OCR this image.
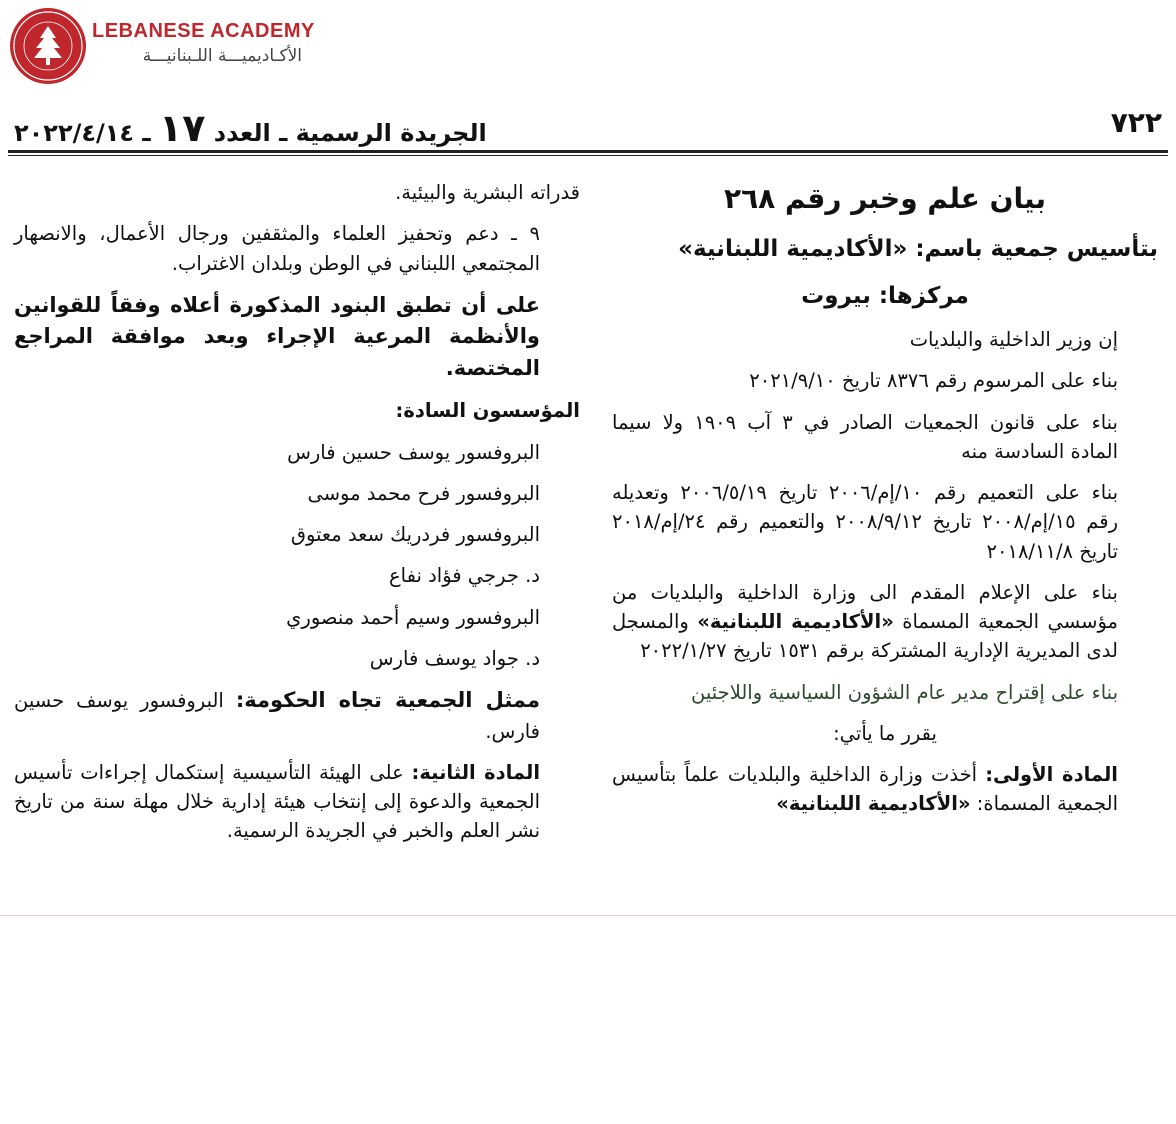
LEBANESE ACADEMY
الأكـاديميـــة اللـبنانيـــة
الجريدة الرسمية ـ العدد ١٧ ـ ٢٠٢٢/٤/١٤	٧٢٢

بيان علم وخبر رقم ٢٦٨

بتأسيس جمعية باسم: «الأكاديمية اللبنانية»

مركزها: بيروت

إن وزير الداخلية والبلديات

بناء على المرسوم رقم ٨٣٧٦ تاريخ ٢٠٢١/٩/١٠

بناء على قانون الجمعيات الصادر في ٣ آب ١٩٠٩ ولا سيما المادة السادسة منه

بناء على التعميم رقم ١٠/إم/٢٠٠٦ تاريخ ٢٠٠٦/٥/١٩ وتعديله رقم ١٥/إم/٢٠٠٨ تاريخ ٢٠٠٨/٩/١٢ والتعميم رقم ٢٤/إم/٢٠١٨ تاريخ ٢٠١٨/١١/٨

بناء على الإعلام المقدم الى وزارة الداخلية والبلديات من مؤسسي الجمعية المسماة «الأكاديمية اللبنانية» والمسجل لدى المديرية الإدارية المشتركة برقم ١٥٣١ تاريخ ٢٠٢٢/١/٢٧

بناء على إقتراح مدير عام الشؤون السياسية واللاجئين

يقرر ما يأتي:

المادة الأولى: أخذت وزارة الداخلية والبلديات علماً بتأسيس الجمعية المسماة: «الأكاديمية اللبنانية»

قدراته البشرية والبيئية.

٩ ـ دعم وتحفيز العلماء والمثقفين ورجال الأعمال، والانصهار المجتمعي اللبناني في الوطن وبلدان الاغتراب.

على أن تطبق البنود المذكورة أعلاه وفقاً للقوانين والأنظمة المرعية الإجراء وبعد موافقة المراجع المختصة.

المؤسسون السادة:

البروفسور يوسف حسين فارس

البروفسور فرح محمد موسى

البروفسور فردريك سعد معتوق

د. جرجي فؤاد نفاع

البروفسور وسيم أحمد منصوري

د. جواد يوسف فارس

ممثل الجمعية تجاه الحكومة: البروفسور يوسف حسين فارس.

المادة الثانية: على الهيئة التأسيسية إستكمال إجراءات تأسيس الجمعية والدعوة إلى إنتخاب هيئة إدارية خلال مهلة سنة من تاريخ نشر العلم والخبر في الجريدة الرسمية.
